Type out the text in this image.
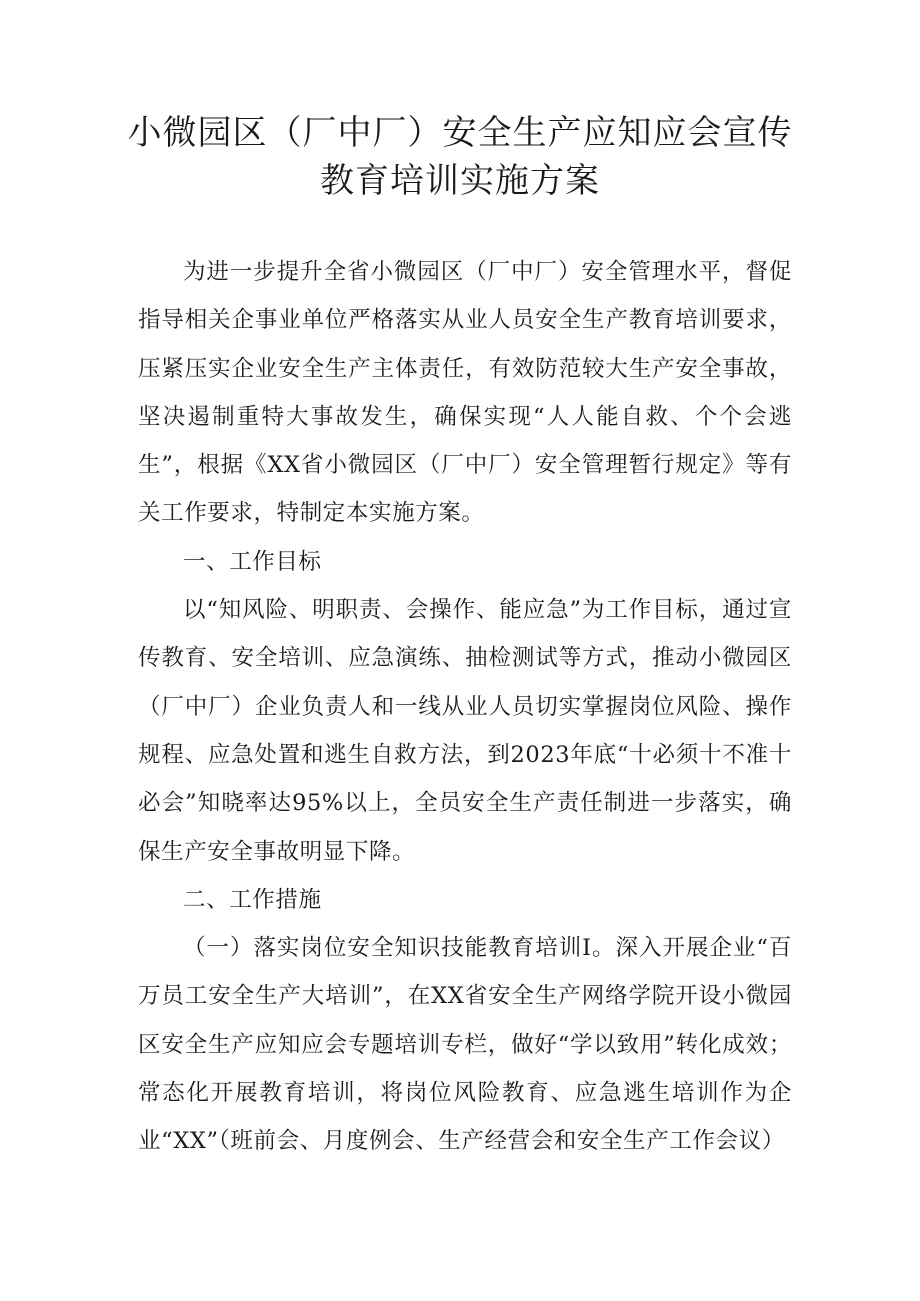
小微园区（厂中厂）安全生产应知应会宣传
教育培训实施方案

为进一步提升全省小微园区（厂中厂）安全管理水平，督促指导相关企事业单位严格落实从业人员安全生产教育培训要求，压紧压实企业安全生产主体责任，有效防范较大生产安全事故，坚决遏制重特大事故发生，确保实现“人人能自救、个个会逃生”，根据《XX省小微园区（厂中厂）安全管理暂行规定》等有关工作要求，特制定本实施方案。

一、工作目标

以“知风险、明职责、会操作、能应急”为工作目标，通过宣传教育、安全培训、应急演练、抽检测试等方式，推动小微园区（厂中厂）企业负责人和一线从业人员切实掌握岗位风险、操作规程、应急处置和逃生自救方法，到2023年底“十必须十不准十必会”知晓率达95%以上，全员安全生产责任制进一步落实，确保生产安全事故明显下降。

二、工作措施

（一）落实岗位安全知识技能教育培训Ⅰ。深入开展企业“百万员工安全生产大培训”，在XX省安全生产网络学院开设小微园区安全生产应知应会专题培训专栏，做好“学以致用”转化成效；常态化开展教育培训，将岗位风险教育、应急逃生培训作为企业“XX”（班前会、月度例会、生产经营会和安全生产工作会议）
